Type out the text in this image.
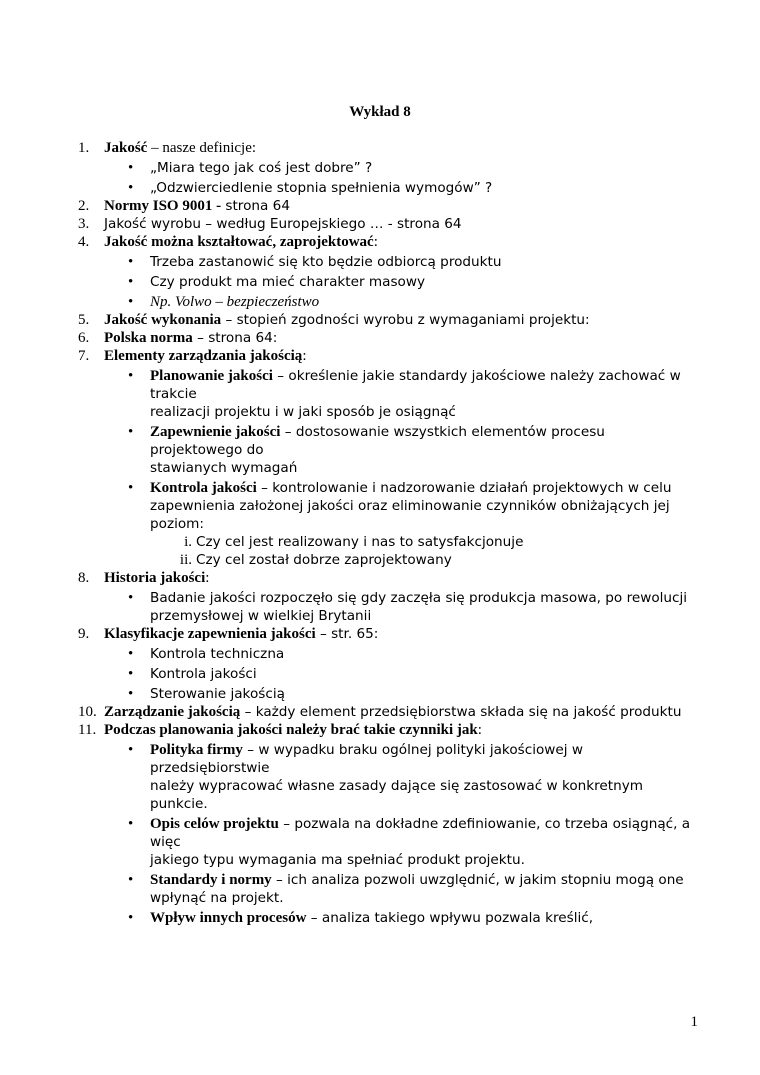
Wykład 8
1. Jakość – nasze definicje:
• „Miara tego jak coś jest dobre” ?
• „Odzwierciedlenie stopnia spełnienia wymogów” ?
2. Normy ISO 9001 - strona 64
3.	Jakość wyrobu – według Europejskiego … - strona 64
4. Jakość można kształtować, zaprojektować:
• Trzeba zastanowić się kto będzie odbiorcą produktu
• Czy produkt ma mieć charakter masowy
• Np. Volwo – bezpieczeństwo
5. Jakość wykonania – stopień zgodności wyrobu z wymaganiami projektu:
6. Polska norma – strona 64:
7. Elementy zarządzania jakością:
• Planowanie jakości – określenie jakie standardy jakościowe należy zachować w trakcie
realizacji projektu i w jaki sposób je osiągnąć
• Zapewnienie jakości – dostosowanie wszystkich elementów procesu projektowego do
stawianych wymagań
• Kontrola jakości – kontrolowanie i nadzorowanie działań projektowych w celu
zapewnienia założonej jakości oraz eliminowanie czynników obniżających jej poziom:
i. Czy cel jest realizowany i nas to satysfakcjonuje
ii. Czy cel został dobrze zaprojektowany
8. Historia jakości:
• Badanie jakości rozpoczęło się gdy zaczęła się produkcja masowa, po rewolucji
przemysłowej w wielkiej Brytanii
9. Klasyfikacje zapewnienia jakości – str. 65:
• Kontrola techniczna
• Kontrola jakości
• Sterowanie jakością
10. Zarządzanie jakością – każdy element przedsiębiorstwa składa się na jakość produktu
11. Podczas planowania jakości należy brać takie czynniki jak:
• Polityka firmy – w wypadku braku ogólnej polityki jakościowej w przedsiębiorstwie
należy wypracować własne zasady dające się zastosować w konkretnym punkcie.
• Opis celów projektu – pozwala na dokładne zdefiniowanie, co trzeba osiągnąć, a więc
jakiego typu wymagania ma spełniać produkt projektu.
• Standardy i normy – ich analiza pozwoli uwzględnić, w jakim stopniu mogą one
wpłynąć na projekt.
• Wpływ innych procesów – analiza takiego wpływu pozwala kreślić,
1
